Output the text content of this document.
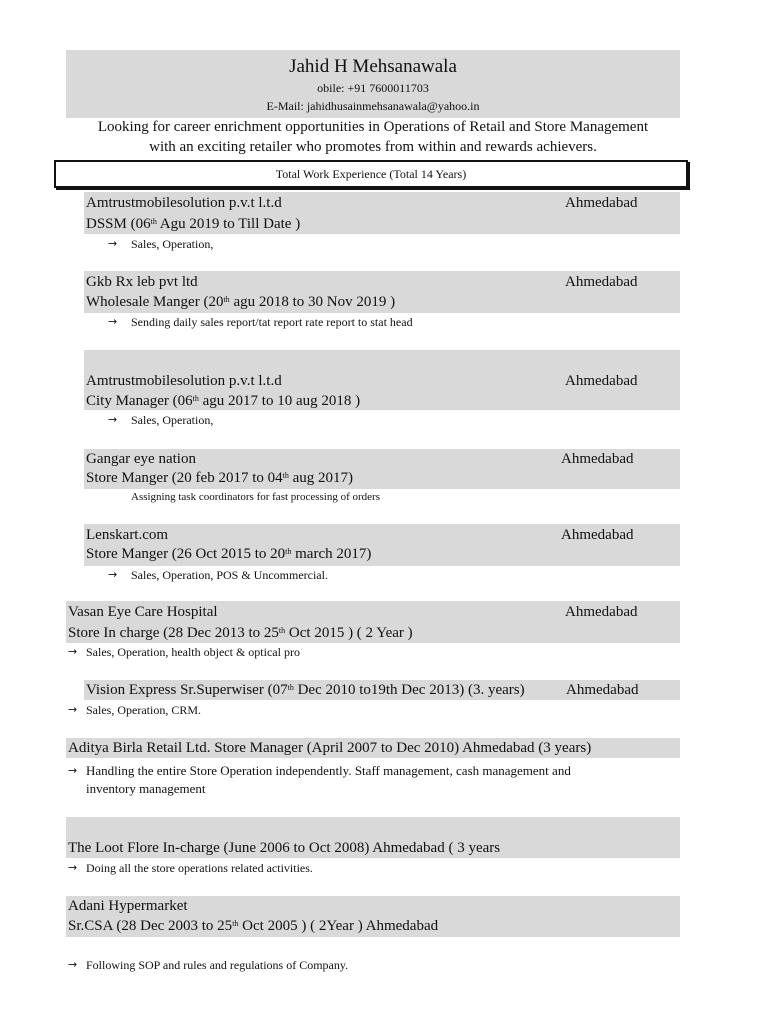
Jahid H Mehsanawala
obile: +91 7600011703
E-Mail: jahidhusainmehsanawala@yahoo.in
Looking for career enrichment opportunities in Operations of Retail and Store Management
with an exciting retailer who promotes from within and rewards achievers.
Total Work Experience (Total 14 Years)
Amtrustmobilesolution p.v.t l.t.d	Ahmedabad
DSSM (06th Agu 2019 to Till Date )
→ Sales, Operation,
Gkb Rx leb pvt ltd	Ahmedabad
Wholesale Manger (20th agu 2018 to 30 Nov 2019 )
→ Sending daily sales report/tat report rate report to stat head
Amtrustmobilesolution p.v.t l.t.d	Ahmedabad
City Manager (06th agu 2017 to 10 aug 2018 )
→ Sales, Operation,
Gangar eye nation	Ahmedabad
Store Manger (20 feb 2017 to 04th aug 2017)
Assigning task coordinators for fast processing of orders
Lenskart.com	Ahmedabad
Store Manger (26 Oct 2015 to 20th march 2017)
→ Sales, Operation, POS & Uncommercial.
Vasan Eye Care Hospital	Ahmedabad
Store In charge (28 Dec 2013 to 25th Oct 2015 ) ( 2 Year )
→ Sales, Operation, health object & optical pro
Vision Express Sr.Superwiser (07th Dec 2010 to19th Dec 2013) (3. years)	Ahmedabad
→ Sales, Operation, CRM.
Aditya Birla Retail Ltd. Store Manager (April 2007 to Dec 2010) Ahmedabad (3 years)
→ Handling the entire Store Operation independently. Staff management, cash management and
inventory management
The Loot Flore In-charge (June 2006 to Oct 2008) Ahmedabad ( 3 years
→ Doing all the store operations related activities.
Adani Hypermarket
Sr.CSA (28 Dec 2003 to 25th Oct 2005 ) ( 2Year ) Ahmedabad
→ Following SOP and rules and regulations of Company.
